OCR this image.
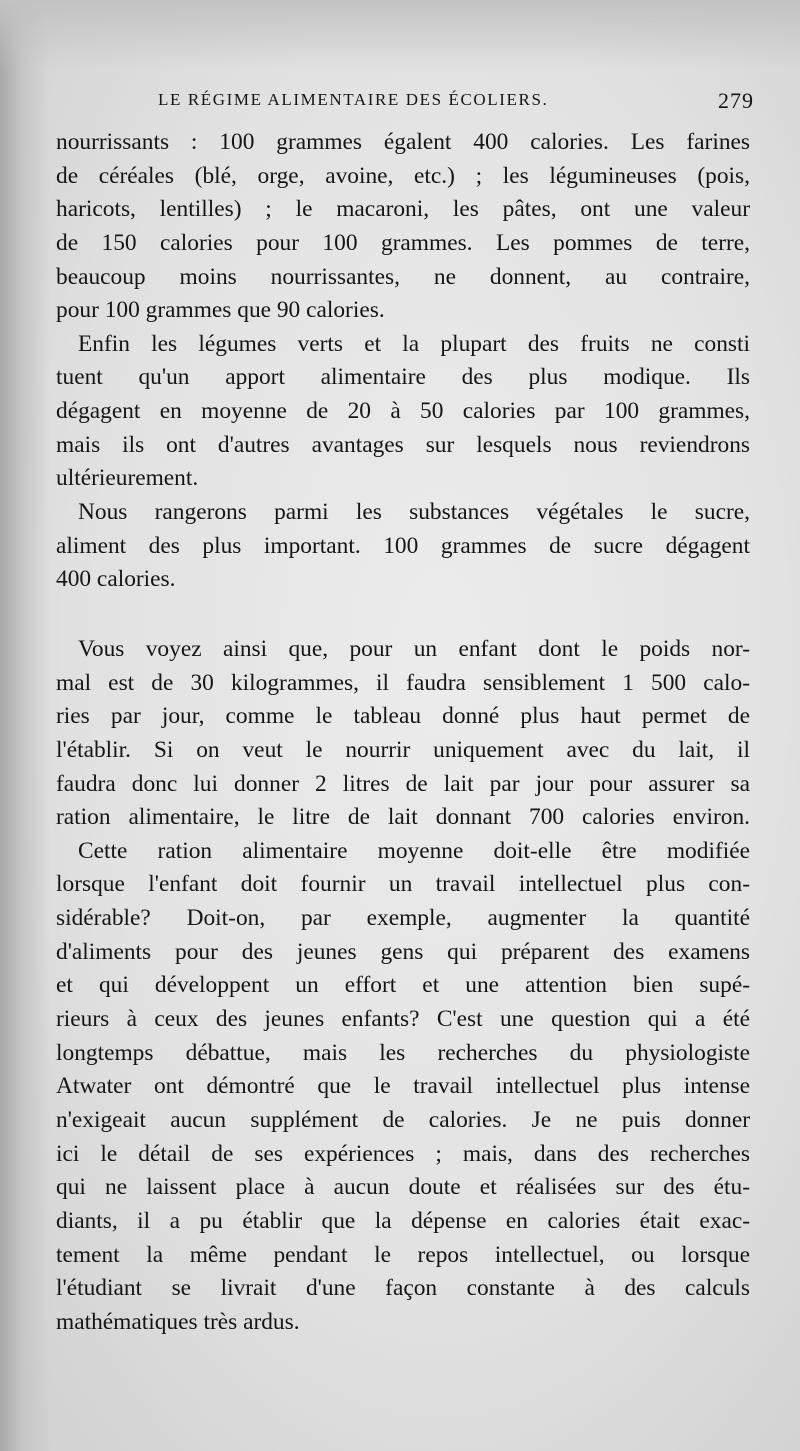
LE RÉGIME ALIMENTAIRE DES ÉCOLIERS.	279
nourrissants : 100 grammes égalent 400 calories. Les farines
de céréales (blé, orge, avoine, etc.) ; les légumineuses (pois,
haricots, lentilles) ; le macaroni, les pâtes, ont une valeur
de 150 calories pour 100 grammes. Les pommes de terre,
beaucoup moins nourrissantes, ne donnent, au contraire,
pour 100 grammes que 90 calories.
Enfin les légumes verts et la plupart des fruits ne consti
tuent qu'un apport alimentaire des plus modique. Ils
dégagent en moyenne de 20 à 50 calories par 100 grammes,
mais ils ont d'autres avantages sur lesquels nous reviendrons
ultérieurement.
Nous rangerons parmi les substances végétales le sucre,
aliment des plus important. 100 grammes de sucre dégagent
400 calories.
Vous voyez ainsi que, pour un enfant dont le poids nor-
mal est de 30 kilogrammes, il faudra sensiblement 1 500 calo-
ries par jour, comme le tableau donné plus haut permet de
l'établir. Si on veut le nourrir uniquement avec du lait, il
faudra donc lui donner 2 litres de lait par jour pour assurer sa
ration alimentaire, le litre de lait donnant 700 calories environ.
Cette ration alimentaire moyenne doit-elle être modifiée
lorsque l'enfant doit fournir un travail intellectuel plus con-
sidérable? Doit-on, par exemple, augmenter la quantité
d'aliments pour des jeunes gens qui préparent des examens
et qui développent un effort et une attention bien supé-
rieurs à ceux des jeunes enfants? C'est une question qui a été
longtemps débattue, mais les recherches du physiologiste
Atwater ont démontré que le travail intellectuel plus intense
n'exigeait aucun supplément de calories. Je ne puis donner
ici le détail de ses expériences ; mais, dans des recherches
qui ne laissent place à aucun doute et réalisées sur des étu-
diants, il a pu établir que la dépense en calories était exac-
tement la même pendant le repos intellectuel, ou lorsque
l'étudiant se livrait d'une façon constante à des calculs
mathématiques très ardus.
